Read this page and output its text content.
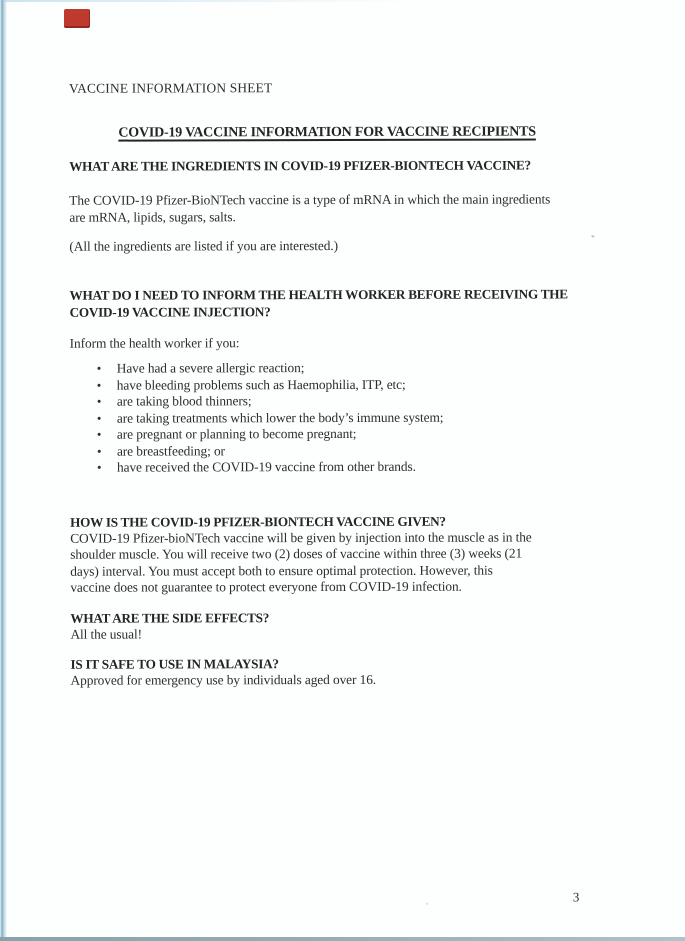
VACCINE INFORMATION SHEET
COVID-19 VACCINE INFORMATION FOR VACCINE RECIPIENTS
WHAT ARE THE INGREDIENTS IN COVID-19 PFIZER-BIONTECH VACCINE?
The COVID-19 Pfizer-BioNTech vaccine is a type of mRNA in which the main ingredients
are mRNA, lipids, sugars, salts.
(All the ingredients are listed if you are interested.)
WHAT DO I NEED TO INFORM THE HEALTH WORKER BEFORE RECEIVING THE
COVID-19 VACCINE INJECTION?
Inform the health worker if you:
• Have had a severe allergic reaction;
• have bleeding problems such as Haemophilia, ITP, etc;
• are taking blood thinners;
• are taking treatments which lower the body’s immune system;
• are pregnant or planning to become pregnant;
• are breastfeeding; or
• have received the COVID-19 vaccine from other brands.
HOW IS THE COVID-19 PFIZER-BIONTECH VACCINE GIVEN?
COVID-19 Pfizer-bioNTech vaccine will be given by injection into the muscle as in the
shoulder muscle. You will receive two (2) doses of vaccine within three (3) weeks (21
days) interval. You must accept both to ensure optimal protection. However, this
vaccine does not guarantee to protect everyone from COVID-19 infection.
WHAT ARE THE SIDE EFFECTS?
All the usual!
IS IT SAFE TO USE IN MALAYSIA?
Approved for emergency use by individuals aged over 16.
3
